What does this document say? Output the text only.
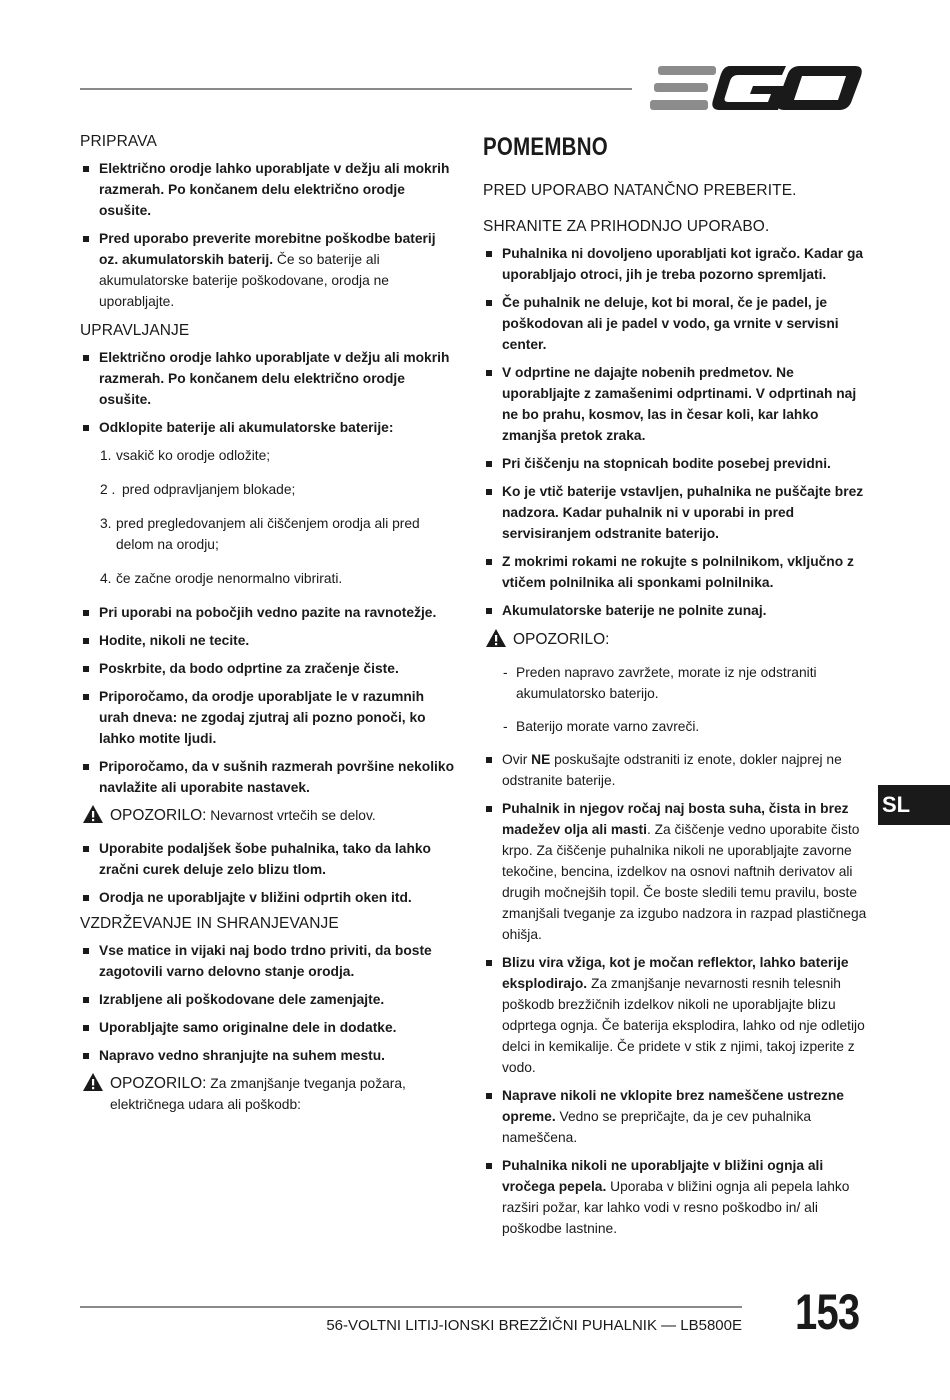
PRIPRAVA
Električno orodje lahko uporabljate v dežju ali mokrih razmerah. Po končanem delu električno orodje osušite.
Pred uporabo preverite morebitne poškodbe baterij oz. akumulatorskih baterij. Če so baterije ali akumulatorske baterije poškodovane, orodja ne uporabljajte.
UPRAVLJANJE
Električno orodje lahko uporabljate v dežju ali mokrih razmerah. Po končanem delu električno orodje osušite.
Odklopite baterije ali akumulatorske baterije:
1. vsakič ko orodje odložite;
2 . pred odpravljanjem blokade;
3. pred pregledovanjem ali čiščenjem orodja ali pred delom na orodju;
4. če začne orodje nenormalno vibrirati.
Pri uporabi na pobočjih vedno pazite na ravnotežje.
Hodite, nikoli ne tecite.
Poskrbite, da bodo odprtine za zračenje čiste.
Priporočamo, da orodje uporabljate le v razumnih urah dneva: ne zgodaj zjutraj ali pozno ponoči, ko lahko motite ljudi.
Priporočamo, da v sušnih razmerah površine nekoliko navlažite ali uporabite nastavek.
OPOZORILO: Nevarnost vrtečih se delov.
Uporabite podaljšek šobe puhalnika, tako da lahko zračni curek deluje zelo blizu tlom.
Orodja ne uporabljajte v bližini odprtih oken itd.
VZDRŽEVANJE IN SHRANJEVANJE
Vse matice in vijaki naj bodo trdno priviti, da boste zagotovili varno delovno stanje orodja.
Izrabljene ali poškodovane dele zamenjajte.
Uporabljajte samo originalne dele in dodatke.
Napravo vedno shranjujte na suhem mestu.
OPOZORILO: Za zmanjšanje tveganja požara, električnega udara ali poškodb:
POMEMBNO
PRED UPORABO NATANČNO PREBERITE.
SHRANITE ZA PRIHODNJO UPORABO.
Puhalnika ni dovoljeno uporabljati kot igračo. Kadar ga uporabljajo otroci, jih je treba pozorno spremljati.
Če puhalnik ne deluje, kot bi moral, če je padel, je poškodovan ali je padel v vodo, ga vrnite v servisni center.
V odprtine ne dajajte nobenih predmetov. Ne uporabljajte z zamašenimi odprtinami. V odprtinah naj ne bo prahu, kosmov, las in česar koli, kar lahko zmanjša pretok zraka.
Pri čiščenju na stopnicah bodite posebej previdni.
Ko je vtič baterije vstavljen, puhalnika ne puščajte brez nadzora. Kadar puhalnik ni v uporabi in pred servisiranjem odstranite baterijo.
Z mokrimi rokami ne rokujte s polnilnikom, vključno z vtičem polnilnika ali sponkami polnilnika.
Akumulatorske baterije ne polnite zunaj.
OPOZORILO:
- Preden napravo zavržete, morate iz nje odstraniti akumulatorsko baterijo.
- Baterijo morate varno zavreči.
Ovir NE poskušajte odstraniti iz enote, dokler najprej ne odstranite baterije.
Puhalnik in njegov ročaj naj bosta suha, čista in brez madežev olja ali masti. Za čiščenje vedno uporabite čisto krpo. Za čiščenje puhalnika nikoli ne uporabljajte zavorne tekočine, bencina, izdelkov na osnovi naftnih derivatov ali drugih močnejših topil. Če boste sledili temu pravilu, boste zmanjšali tveganje za izgubo nadzora in razpad plastičnega ohišja.
Blizu vira vžiga, kot je močan reflektor, lahko baterije eksplodirajo. Za zmanjšanje nevarnosti resnih telesnih poškodb brezžičnih izdelkov nikoli ne uporabljajte blizu odprtega ognja. Če baterija eksplodira, lahko od nje odletijo delci in kemikalije. Če pridete v stik z njimi, takoj izperite z vodo.
Naprave nikoli ne vklopite brez nameščene ustrezne opreme. Vedno se prepričajte, da je cev puhalnika nameščena.
Puhalnika nikoli ne uporabljajte v bližini ognja ali vročega pepela. Uporaba v bližini ognja ali pepela lahko razširi požar, kar lahko vodi v resno poškodbo in/ ali poškodbe lastnine.
SL
56-VOLTNI LITIJ-IONSKI BREZŽIČNI PUHALNIK — LB5800E 153
